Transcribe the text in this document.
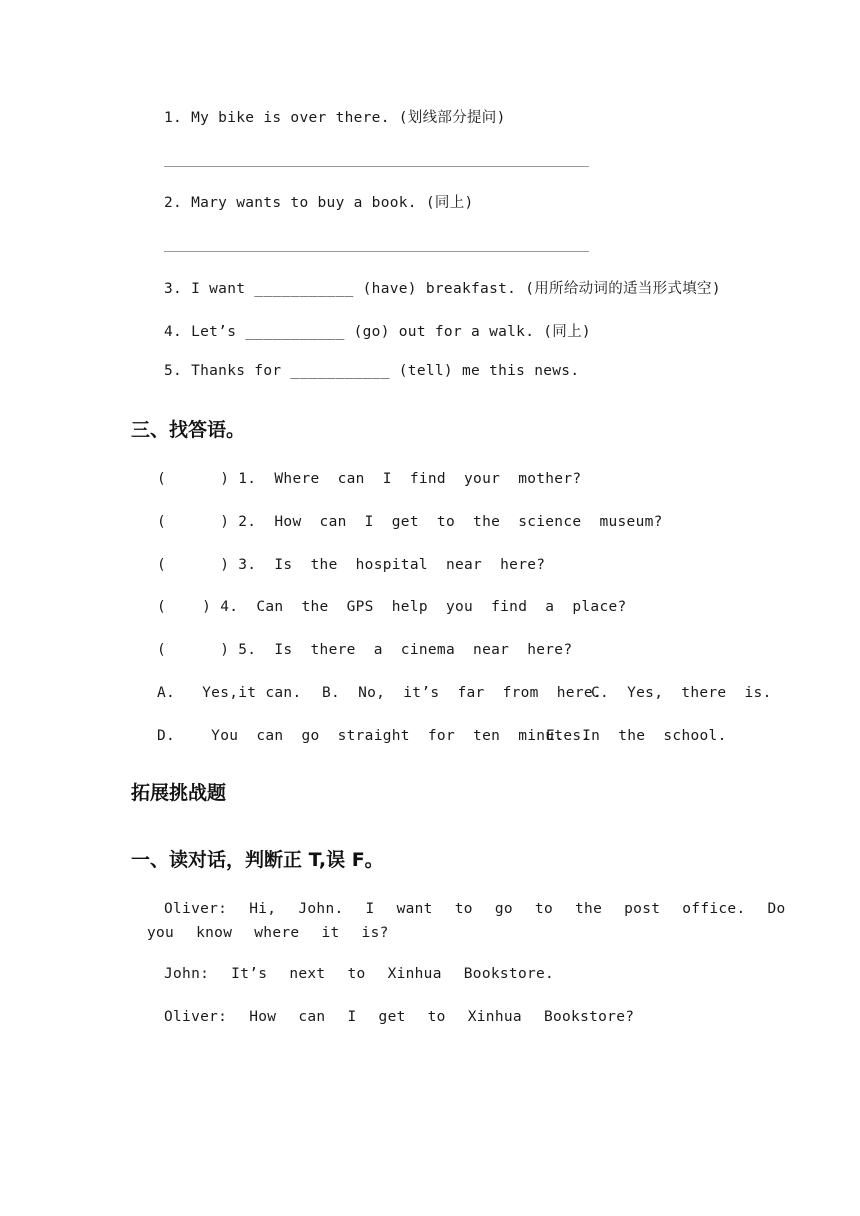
1. My bike is over there. (划线部分提问)
2. Mary wants to buy a book. (同上)
3. I want ___________ (have) breakfast. (用所给动词的适当形式填空)
4. Let’s ___________ (go) out for a walk. (同上)
5. Thanks for ___________ (tell) me this news.
三、找答语。
(      ) 1.  Where  can  I  find  your  mother?
(      ) 2.  How  can  I  get  to  the  science  museum?
(      ) 3.  Is  the  hospital  near  here?
(    ) 4.  Can  the  GPS  help  you  find  a  place?
(      ) 5.  Is  there  a  cinema  near  here?
A.   Yes,it can. B.  No,  it’s  far  from  here.
C.  Yes,  there  is.
D.    You  can  go  straight  for  ten  minutes.
E.  In  the  school.
拓展挑战题
一、读对话，判断正 T,误 F。
Oliver: Hi, John. I want to go to the post office. Do
you know where it is?
John: It’s next to Xinhua Bookstore.
Oliver: How can I get to Xinhua Bookstore?
